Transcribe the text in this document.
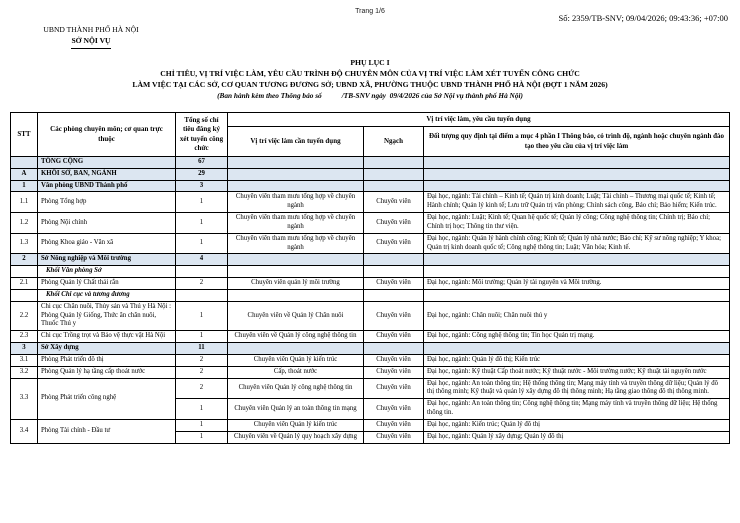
Trang 1/6
Số: 2359/TB-SNV; 09/04/2026; 09:43:36; +07:00
UBND THÀNH PHỐ HÀ NỘI
SỞ NỘI VỤ
PHỤ LỤC I
CHỈ TIÊU, VỊ TRÍ VIỆC LÀM, YÊU CẦU TRÌNH ĐỘ CHUYÊN MÔN CỦA VỊ TRÍ VIỆC LÀM XÉT TUYỂN CÔNG CHỨC
LÀM VIỆC TẠI CÁC SỞ, CƠ QUAN TƯƠNG ĐƯƠNG SỞ; UBND XÃ, PHƯỜNG THUỘC UBND THÀNH PHỐ HÀ NỘI (ĐỢT 1 NĂM 2026)
(Ban hành kèm theo Thông báo số           /TB-SNV ngày  09/4/2026 của Sở Nội vụ thành phố Hà Nội)
STT	Các phòng chuyên môn; cơ quan trực thuộc	Tổng số chỉ tiêu đăng ký xét tuyển công chức	Vị trí việc làm, yêu cầu tuyển dụng		
			Vị trí việc làm cần tuyển dụng	Ngạch	Đối tượng quy định tại điểm a mục 4 phần I Thông báo, có trình độ, ngành hoặc chuyên ngành đào tạo theo yêu cầu của vị trí việc làm
	TỔNG CỘNG	67			
A	KHỐI SỞ, BAN, NGÀNH	29			
1	Văn phòng UBND Thành phố	3			
1.1	Phòng Tổng hợp	1	Chuyên viên tham mưu tổng hợp về chuyên ngành	Chuyên viên	Đại học, ngành: Tài chính – Kinh tế; Quản trị kinh doanh; Luật; Tài chính – Thương mại quốc tế; Kinh tế; Hành chính; Quản lý kinh tế; Lưu trữ Quản trị văn phòng; Chính sách công, Báo chí; Bảo hiểm; Kiến trúc.
1.2	Phòng Nội chính	1	Chuyên viên tham mưu tổng hợp về chuyên ngành	Chuyên viên	Đại học, ngành: Luật; Kinh tế; Quan hệ quốc tế; Quản lý công; Công nghệ thông tin; Chính trị; Báo chí; Chính trị học; Thông tin thư viện.
1.3	Phòng Khoa giáo - Văn xã	1	Chuyên viên tham mưu tổng hợp về chuyên ngành	Chuyên viên	Đại học, ngành: Quản lý hành chính công; Kinh tế; Quản lý nhà nước; Báo chí; Kỹ sư nông nghiệp; Y khoa; Quản trị kinh doanh quốc tế; Công nghệ thông tin; Luật; Văn hóa; Kinh tế.
2	Sở Nông nghiệp và Môi trường	4			
	Khối Văn phòng Sở				
2.1	Phòng Quản lý Chất thải rắn	2	Chuyên viên quản lý môi trường	Chuyên viên	Đại học, ngành: Môi trường; Quản lý tài nguyên và Môi trường.
	Khối Chi cục và tương đương				
2.2	Chi cục Chăn nuôi, Thủy sản và Thú y Hà Nội : Phòng Quản lý Giống, Thức ăn chăn nuôi, Thuốc Thú y	1	Chuyên viên về Quản lý Chăn nuôi	Chuyên viên	Đại học, ngành: Chăn nuôi; Chăn nuôi thú y
2.3	Chi cục Trồng trọt và Bảo vệ thực vật Hà Nội	1	Chuyên viên về Quản lý công nghệ thông tin	Chuyên viên	Đại học, ngành: Công nghệ thông tin; Tin học Quản trị mạng.
3	Sở Xây dựng	11			
3.1	Phòng Phát triển đô thị	2	Chuyên viên Quản lý kiến trúc	Chuyên viên	Đại học, ngành: Quản lý đô thị; Kiến trúc
3.2	Phòng Quản lý hạ tầng cấp thoát nước	2	Cấp, thoát nước	Chuyên viên	Đại học, ngành: Kỹ thuật Cấp thoát nước; Kỹ thuật nước - Môi trường nước; Kỹ thuật tài nguyên nước
3.3	Phòng Phát triển công nghệ	2	Chuyên viên Quản lý công nghệ thông tin	Chuyên viên	Đại học, ngành: An toàn thông tin; Hệ thống thông tin; Mạng máy tính và truyền thông dữ liệu; Quản lý đô thị thông minh; Kỹ thuật và quản lý xây dựng đô thị thông minh; Hạ tầng giao thông đô thị thông minh.
		1	Chuyên viên Quản lý an toàn thông tin mạng	Chuyên viên	Đại học, ngành: An toàn thông tin; Công nghệ thông tin; Mạng máy tính và truyền thông dữ liệu; Hệ thống thông tin.
3.4	Phòng Tài chính - Đầu tư	1	Chuyên viên Quản lý kiến trúc	Chuyên viên	Đại học, ngành: Kiến trúc; Quản lý đô thị
		1	Chuyên viên về Quản lý quy hoạch xây dựng	Chuyên viên	Đại học, ngành: Quản lý xây dựng; Quản lý đô thị
